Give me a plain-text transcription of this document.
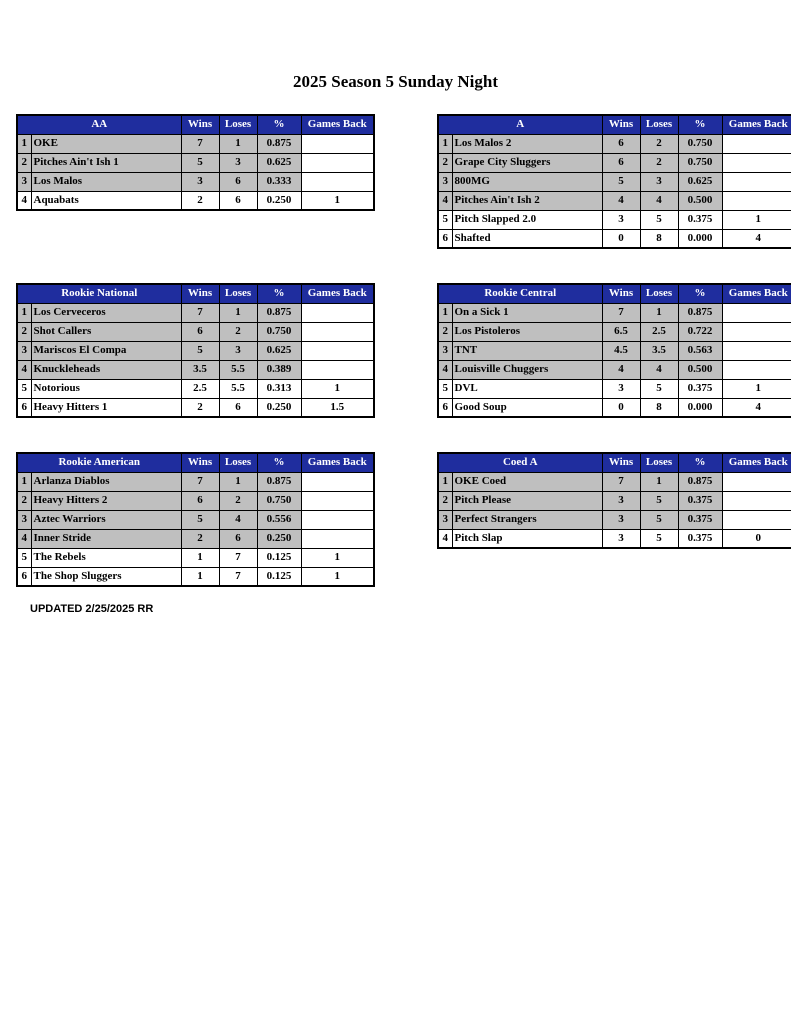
2025 Season 5 Sunday Night
AA		Wins	Loses	%	Games Back
1	OKE	7	1	0.875	
2	Pitches Ain't Ish 1	5	3	0.625	
3	Los Malos	3	6	0.333	
4	Aquabats	2	6	0.250	1
A		Wins	Loses	%	Games Back
1	Los Malos 2	6	2	0.750	
2	Grape City Sluggers	6	2	0.750	
3	800MG	5	3	0.625	
4	Pitches Ain't Ish 2	4	4	0.500	
5	Pitch Slapped 2.0	3	5	0.375	1
6	Shafted	0	8	0.000	4
Rookie National		Wins	Loses	%	Games Back
1	Los Cerveceros	7	1	0.875	
2	Shot Callers	6	2	0.750	
3	Mariscos El Compa	5	3	0.625	
4	Knuckleheads	3.5	5.5	0.389	
5	Notorious	2.5	5.5	0.313	1
6	Heavy Hitters 1	2	6	0.250	1.5
Rookie Central		Wins	Loses	%	Games Back
1	On a Sick 1	7	1	0.875	
2	Los Pistoleros	6.5	2.5	0.722	
3	TNT	4.5	3.5	0.563	
4	Louisville Chuggers	4	4	0.500	
5	DVL	3	5	0.375	1
6	Good Soup	0	8	0.000	4
Rookie American		Wins	Loses	%	Games Back
1	Arlanza Diablos	7	1	0.875	
2	Heavy Hitters 2	6	2	0.750	
3	Aztec Warriors	5	4	0.556	
4	Inner Stride	2	6	0.250	
5	The Rebels	1	7	0.125	1
6	The Shop Sluggers	1	7	0.125	1
Coed A		Wins	Loses	%	Games Back
1	OKE Coed	7	1	0.875	
2	Pitch Please	3	5	0.375	
3	Perfect Strangers	3	5	0.375	
4	Pitch Slap	3	5	0.375	0
UPDATED 2/25/2025 RR
